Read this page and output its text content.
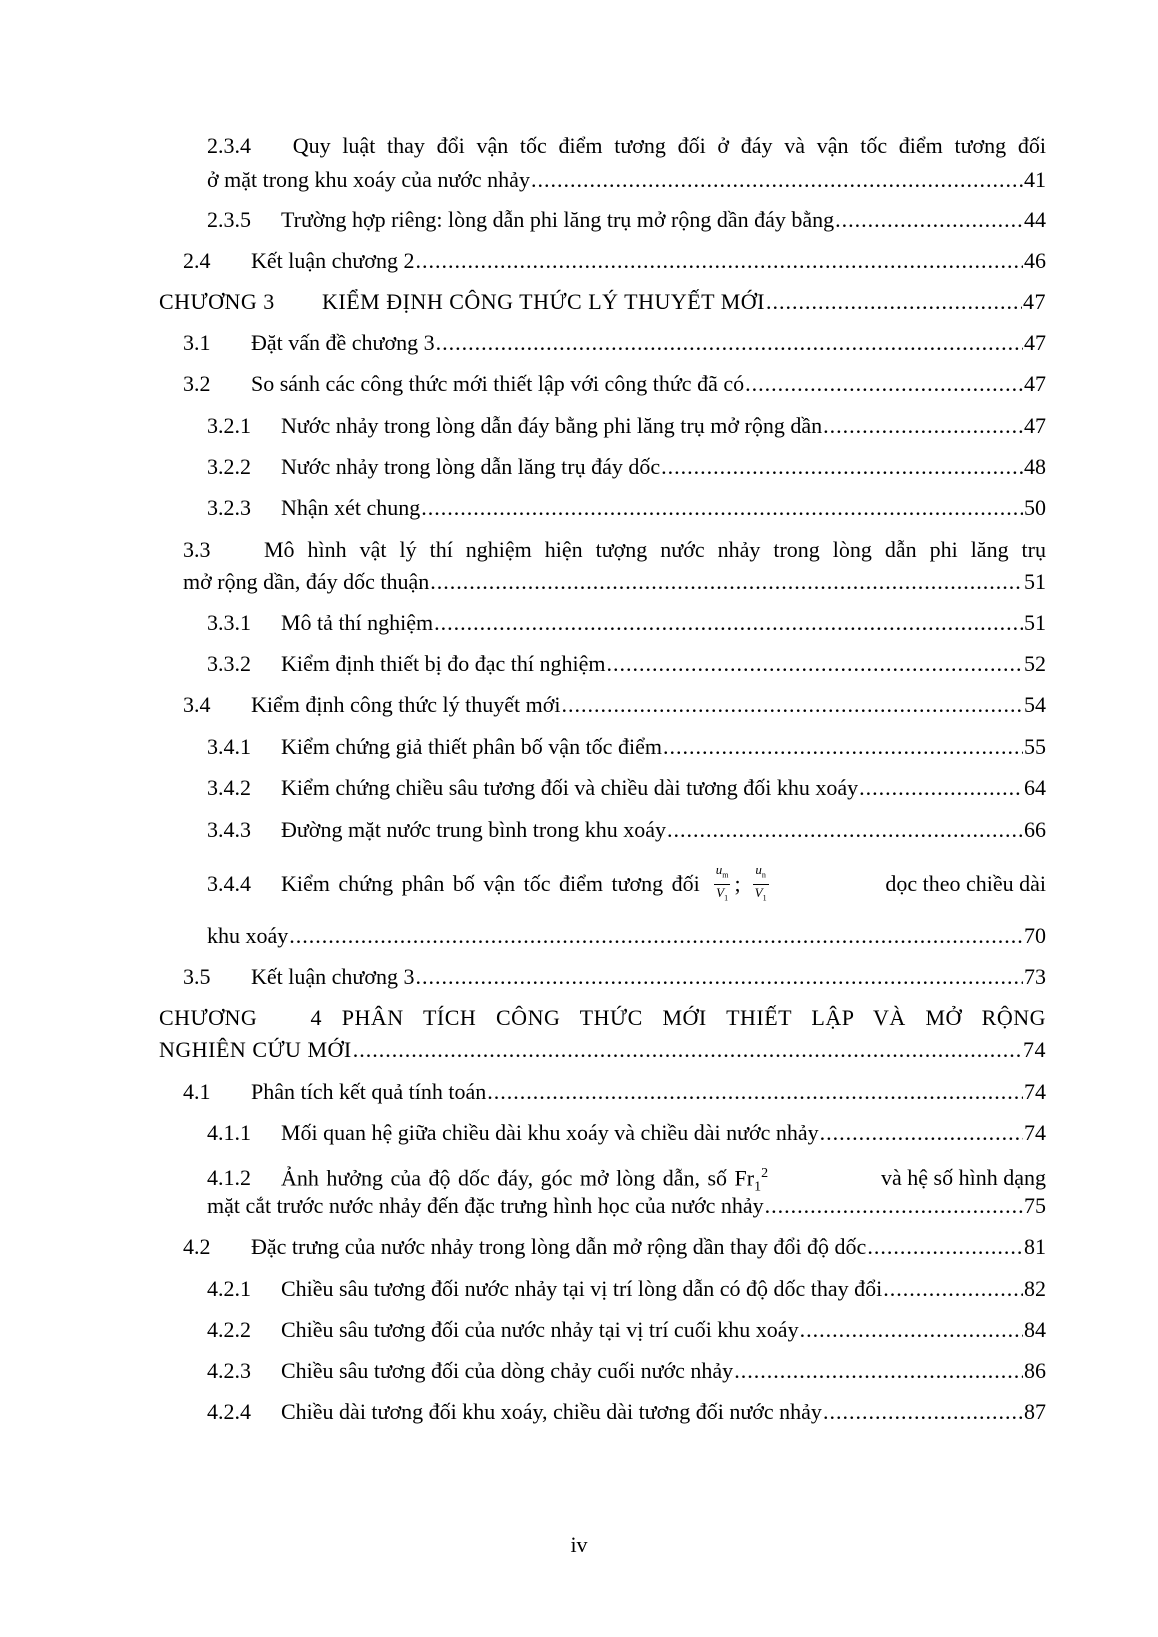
2.3.4 Quy luật thay đổi vận tốc điểm tương đối ở đáy và vận tốc điểm tương đối
ở mặt trong khu xoáy của nước nhảy .....	41
2.3.5	Trường hợp riêng: lòng dẫn phi lăng trụ mở rộng dần đáy bằng .....	44
2.4	Kết luận chương 2 .....	46
CHƯƠNG 3	KIỂM ĐỊNH CÔNG THỨC LÝ THUYẾT MỚI .....	47
3.1	Đặt vấn đề chương 3 .....	47
3.2	So sánh các công thức mới thiết lập với công thức đã có .....	47
3.2.1	Nước nhảy trong lòng dẫn đáy bằng phi lăng trụ mở rộng dần .....	47
3.2.2	Nước nhảy trong lòng dẫn lăng trụ đáy dốc .....	48
3.2.3	Nhận xét chung .....	50
3.3 Mô hình vật lý thí nghiệm hiện tượng nước nhảy trong lòng dẫn phi lăng trụ
mở rộng dần, đáy dốc thuận .....	51
3.3.1	Mô tả thí nghiệm .....	51
3.3.2	Kiểm định thiết bị đo đạc thí nghiệm .....	52
3.4	Kiểm định công thức lý thuyết mới .....	54
3.4.1	Kiểm chứng giả thiết phân bố vận tốc điểm .....	55
3.4.2	Kiểm chứng chiều sâu tương đối và chiều dài tương đối khu xoáy .....	64
3.4.3	Đường mặt nước trung bình trong khu xoáy .....	66
3.4.4	Kiểm chứng phân bố vận tốc điểm tương đối $\frac{u_m}{V_1}$ ; $\frac{u_n}{V_1}$	dọc theo chiều dài
khu xoáy .....	70
3.5	Kết luận chương 3 .....	73
CHƯƠNG 4 PHÂN TÍCH CÔNG THỨC MỚI THIẾT LẬP VÀ MỞ RỘNG
NGHIÊN CỨU MỚI .....	74
4.1	Phân tích kết quả tính toán .....	74
4.1.1	Mối quan hệ giữa chiều dài khu xoáy và chiều dài nước nhảy .....	74
4.1.2 Ảnh hưởng của độ dốc đáy, góc mở lòng dẫn, số $Fr_1^2$	và hệ số hình dạng
mặt cắt trước nước nhảy đến đặc trưng hình học của nước nhảy .....	75
4.2	Đặc trưng của nước nhảy trong lòng dẫn mở rộng dần thay đổi độ dốc .....	81
4.2.1	Chiều sâu tương đối nước nhảy tại vị trí lòng dẫn có độ dốc thay đổi .....	82
4.2.2	Chiều sâu tương đối của nước nhảy tại vị trí cuối khu xoáy .....	84
4.2.3	Chiều sâu tương đối của dòng chảy cuối nước nhảy .....	86
4.2.4	Chiều dài tương đối khu xoáy, chiều dài tương đối nước nhảy .....	87
iv
